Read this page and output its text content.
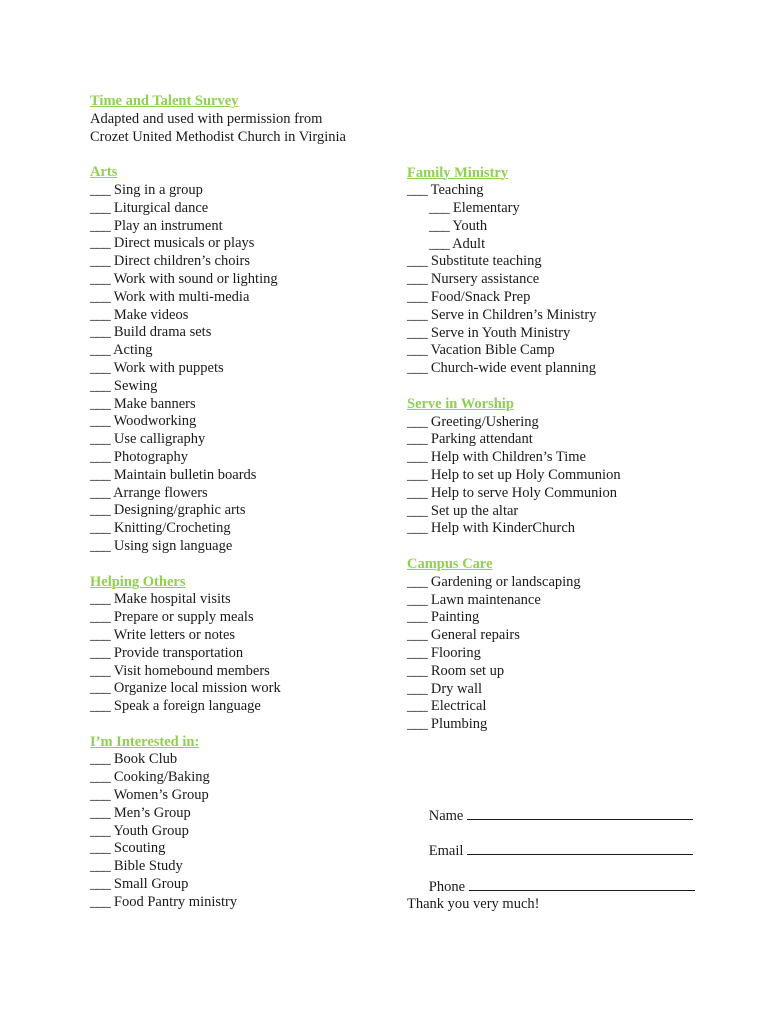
Time and Talent Survey
Adapted and used with permission from
Crozet United Methodist Church in Virginia
Arts
___ Sing in a group
___ Liturgical dance
___ Play an instrument
___ Direct musicals or plays
___ Direct children’s choirs
___ Work with sound or lighting
___ Work with multi-media
___ Make videos
___ Build drama sets
___ Acting
___ Work with puppets
___ Sewing
___ Make banners
___ Woodworking
___ Use calligraphy
___ Photography
___ Maintain bulletin boards
___ Arrange flowers
___ Designing/graphic arts
___ Knitting/Crocheting
___ Using sign language
Helping Others
___ Make hospital visits
___ Prepare or supply meals
___ Write letters or notes
___ Provide transportation
___ Visit homebound members
___ Organize local mission work
___ Speak a foreign language
I’m Interested in:
___ Book Club
___ Cooking/Baking
___ Women’s Group
___ Men’s Group
___ Youth Group
___ Scouting
___ Bible Study
___ Small Group
___ Food Pantry ministry
Family Ministry
___ Teaching
___ Elementary
___ Youth
___ Adult
___ Substitute teaching
___ Nursery assistance
___ Food/Snack Prep
___ Serve in Children’s Ministry
___ Serve in Youth Ministry
___ Vacation Bible Camp
___ Church-wide event planning
Serve in Worship
___ Greeting/Ushering
___ Parking attendant
___ Help with Children’s Time
___ Help to set up Holy Communion
___ Help to serve Holy Communion
___ Set up the altar
___ Help with KinderChurch
Campus Care
___ Gardening or landscaping
___ Lawn maintenance
___ Painting
___ General repairs
___ Flooring
___ Room set up
___ Dry wall
___ Electrical
___ Plumbing

Name

Email

Phone

Thank you very much!
